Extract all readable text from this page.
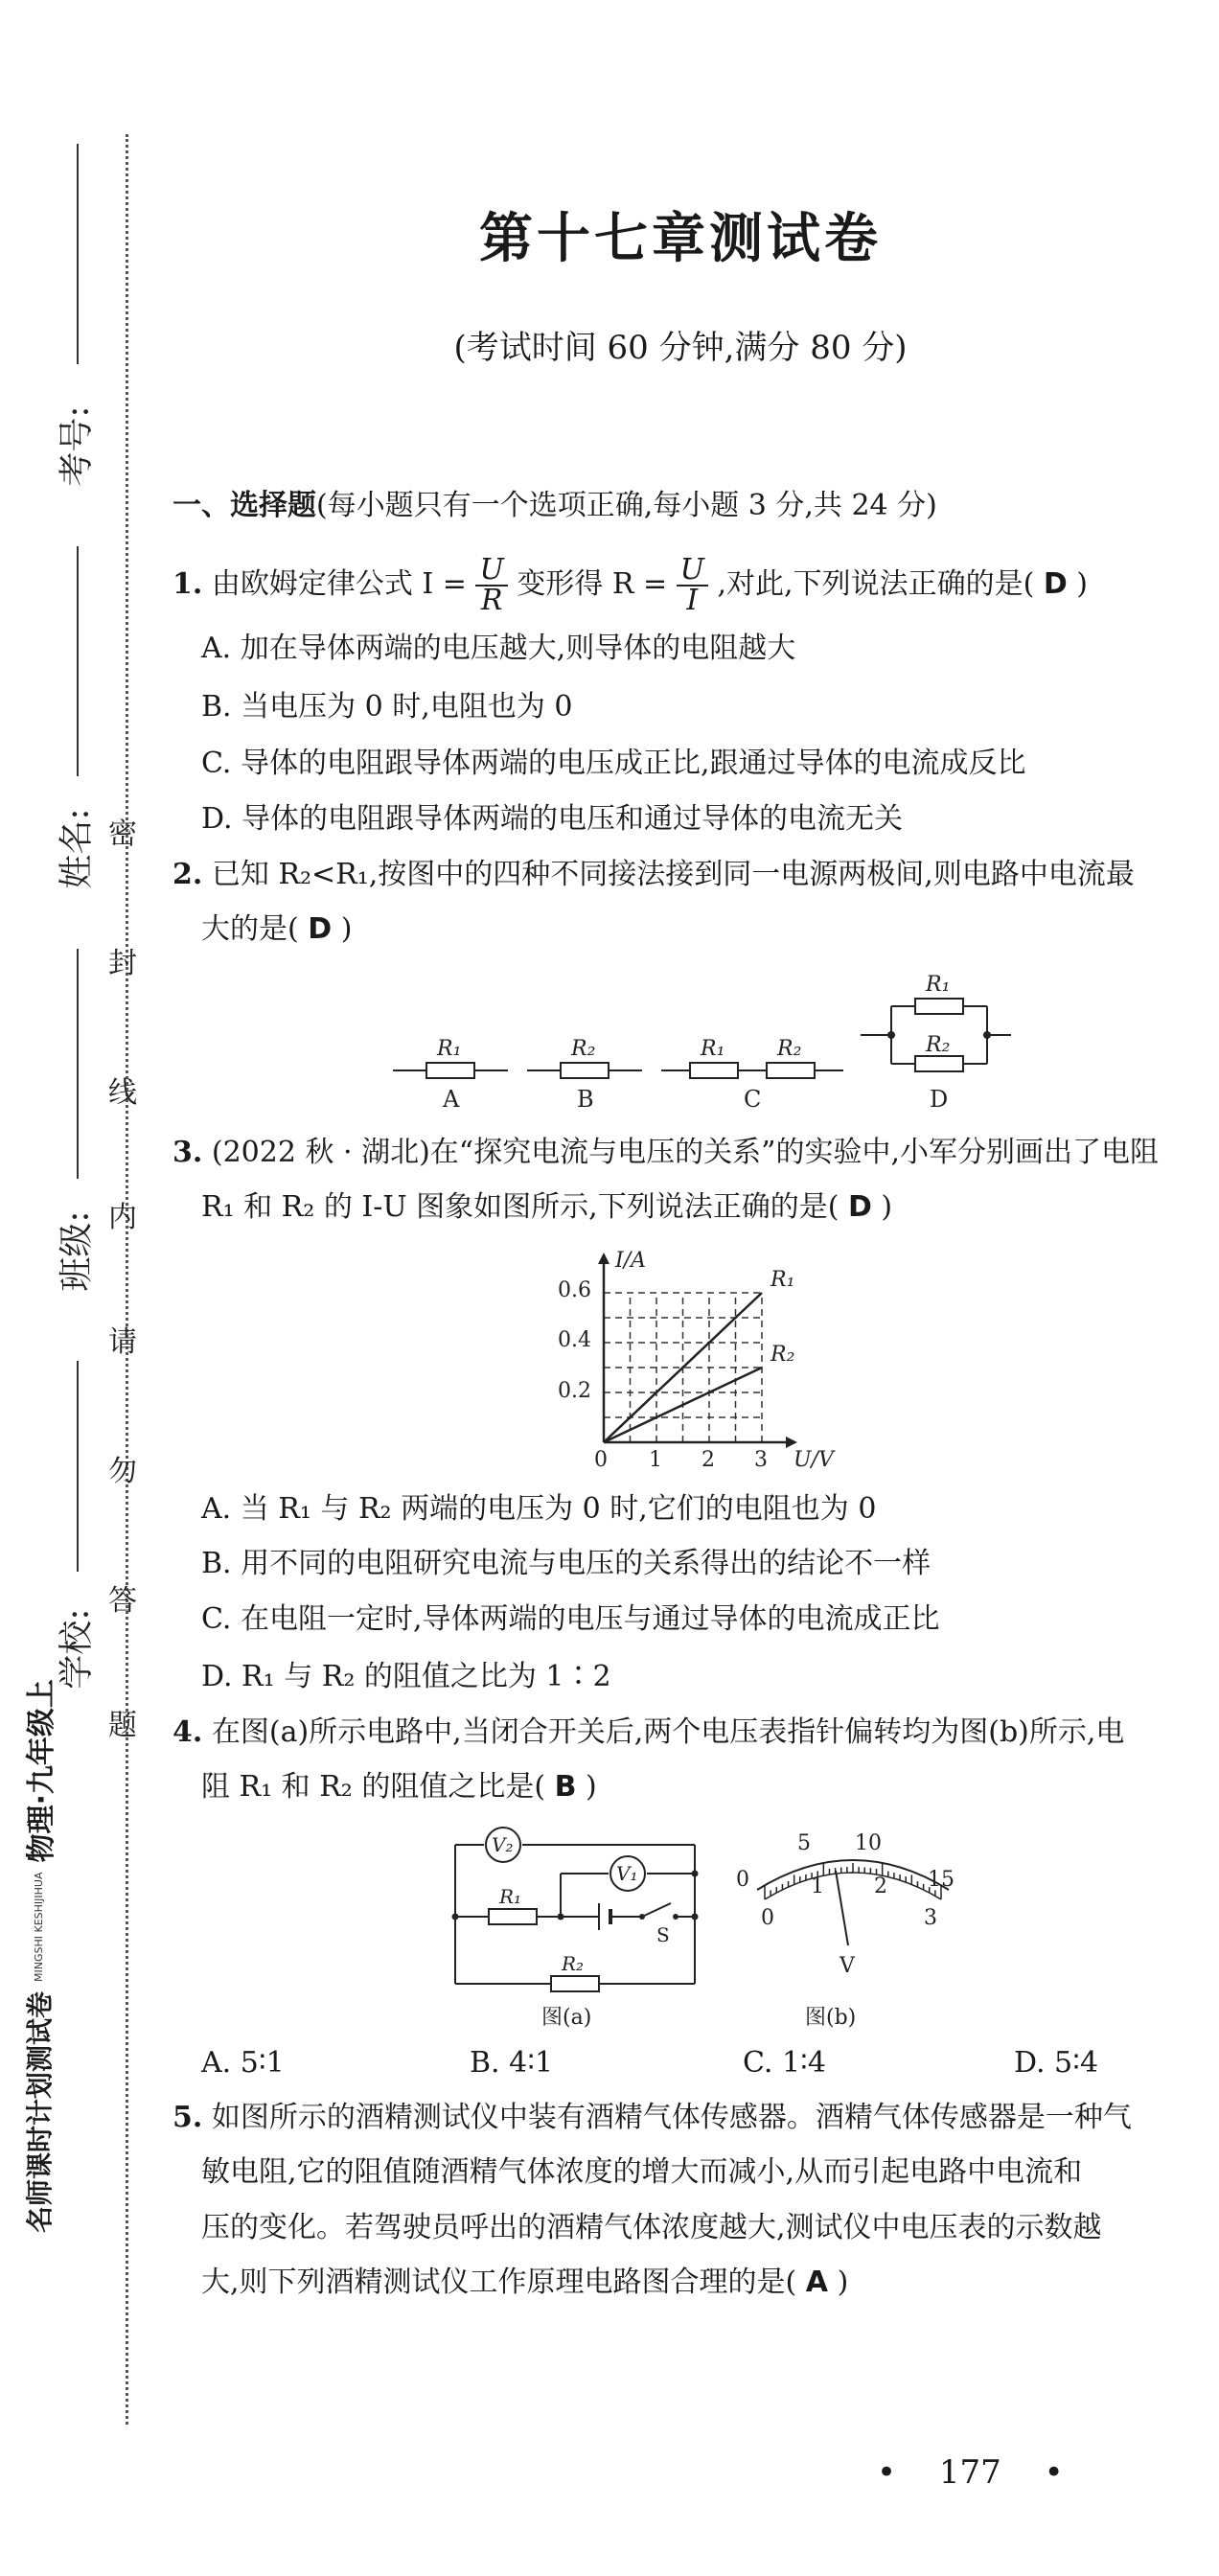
考号:
姓名:
班级:
学校:
密
封
线
内
请
勿
答
题
名师课时计划测试卷
MINGSHI KESHIJIHUA
物理·九年级上
第十七章测试卷
(考试时间 60 分钟,满分 80 分)
一、选择题(每小题只有一个选项正确,每小题 3 分,共 24 分)
1. 由欧姆定律公式 $I = \frac{U}{R}$ 变形得 $R = \frac{U}{I}$ ,对此,下列说法正确的是( D )
A. 加在导体两端的电压越大,则导体的电阻越大
B. 当电压为 0 时,电阻也为 0
C. 导体的电阻跟导体两端的电压成正比,跟通过导体的电流成反比
D. 导体的电阻跟导体两端的电压和通过导体的电流无关
2. 已知 R₂<R₁,按图中的四种不同接法接到同一电源两极间,则电路中电流最
大的是( D )
R₁	R₂	R₁ R₂
R₁
R₂
A	B	C	D
3. (2022 秋 · 湖北)在“探究电流与电压的关系”的实验中,小军分别画出了电阻
R₁ 和 R₂ 的 I-U 图象如图所示,下列说法正确的是( D )
I/A
U/V
0 1 2 3
0.2
0.4
0.6	R₁
R₂
A. 当 R₁ 与 R₂ 两端的电压为 0 时,它们的电阻也为 0
B. 用不同的电阻研究电流与电压的关系得出的结论不一样
C. 在电阻一定时,导体两端的电压与通过导体的电流成正比
D. R₁ 与 R₂ 的阻值之比为 1∶2
4. 在图(a)所示电路中,当闭合开关后,两个电压表指针偏转均为图(b)所示,电
阻 R₁ 和 R₂ 的阻值之比是( B )
V₂
V₁
R₁
R₂
S
图(a)
0
5 10
15
0
1 2
3
V
图(b)
A. 5∶1	B. 4∶1	C. 1∶4	D. 5∶4
5. 如图所示的酒精测试仪中装有酒精气体传感器。酒精气体传感器是一种气
敏电阻,它的阻值随酒精气体浓度的增大而减小,从而引起电路中电流和
压的变化。若驾驶员呼出的酒精气体浓度越大,测试仪中电压表的示数越
大,则下列酒精测试仪工作原理电路图合理的是( A )
• 177 •
